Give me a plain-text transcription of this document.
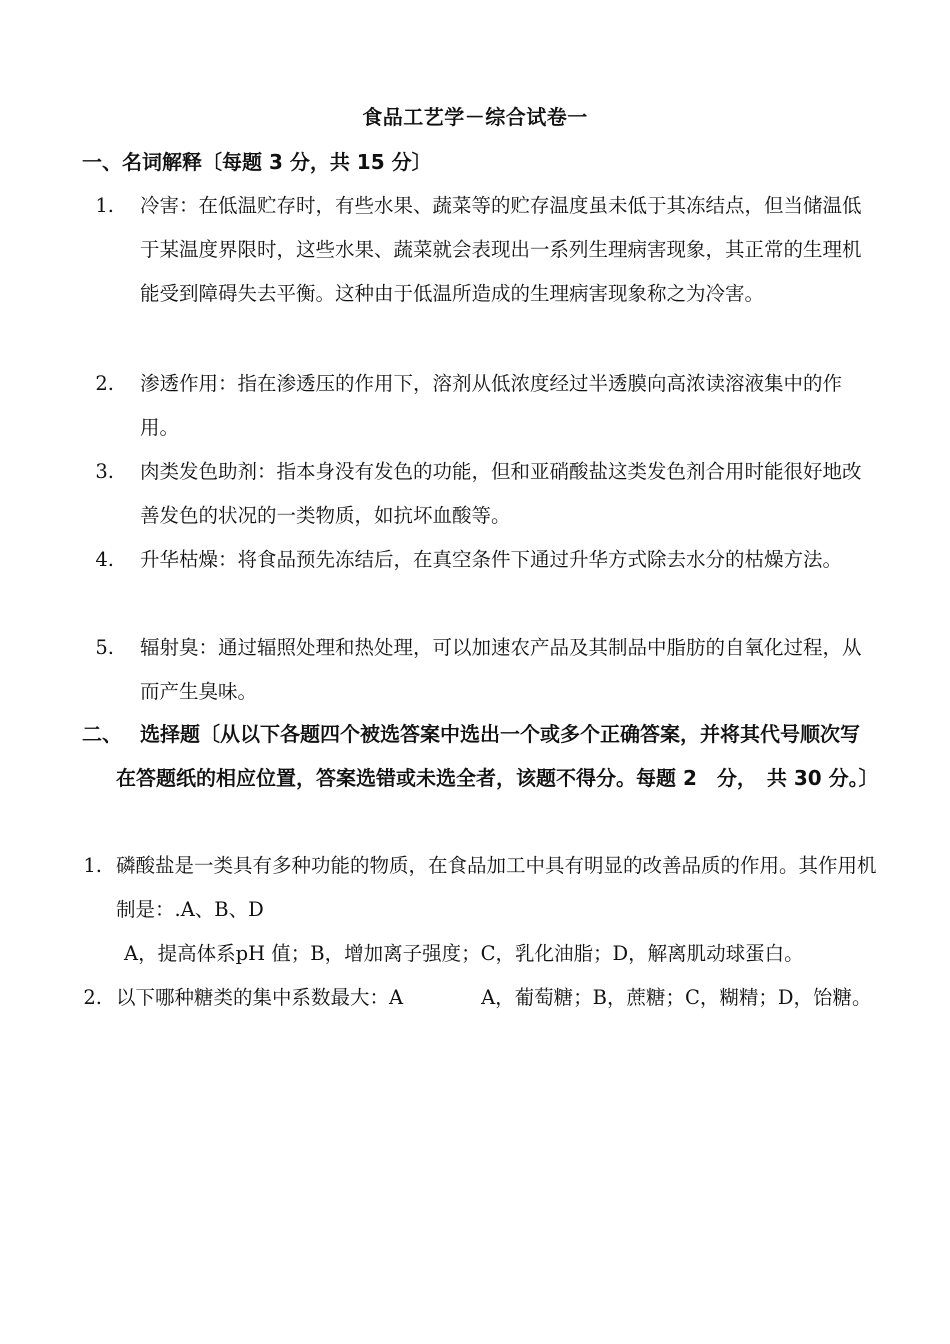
食品工艺学－综合试卷一
一、名词解释〔每题 3 分，共 15 分〕
1. 冷害：在低温贮存时，有些水果、蔬菜等的贮存温度虽未低于其冻结点，但当储温低于某温度界限时，这些水果、蔬菜就会表现出一系列生理病害现象，其正常的生理机能受到障碍失去平衡。这种由于低温所造成的生理病害现象称之为冷害。
2. 渗透作用：指在渗透压的作用下，溶剂从低浓度经过半透膜向高浓读溶液集中的作用。
3. 肉类发色助剂：指本身没有发色的功能，但和亚硝酸盐这类发色剂合用时能很好地改善发色的状况的一类物质，如抗坏血酸等。
4. 升华枯燥：将食品预先冻结后，在真空条件下通过升华方式除去水分的枯燥方法。
5. 辐射臭：通过辐照处理和热处理，可以加速农产品及其制品中脂肪的自氧化过程，从而产生臭味。
二、 选择题〔从以下各题四个被选答案中选出一个或多个正确答案，并将其代号顺次写在答题纸的相应位置，答案选错或未选全者，该题不得分。每题 2　分，　共 30 分。〕
1. 磷酸盐是一类具有多种功能的物质，在食品加工中具有明显的改善品质的作用。其作用机制是：.A、B、D
A，提高体系pH 值；B，增加离子强度；C，乳化油脂；D，解离肌动球蛋白。
2. 以下哪种糖类的集中系数最大：A　　　　A，葡萄糖；B，蔗糖；C，糊精；D，饴糖。
